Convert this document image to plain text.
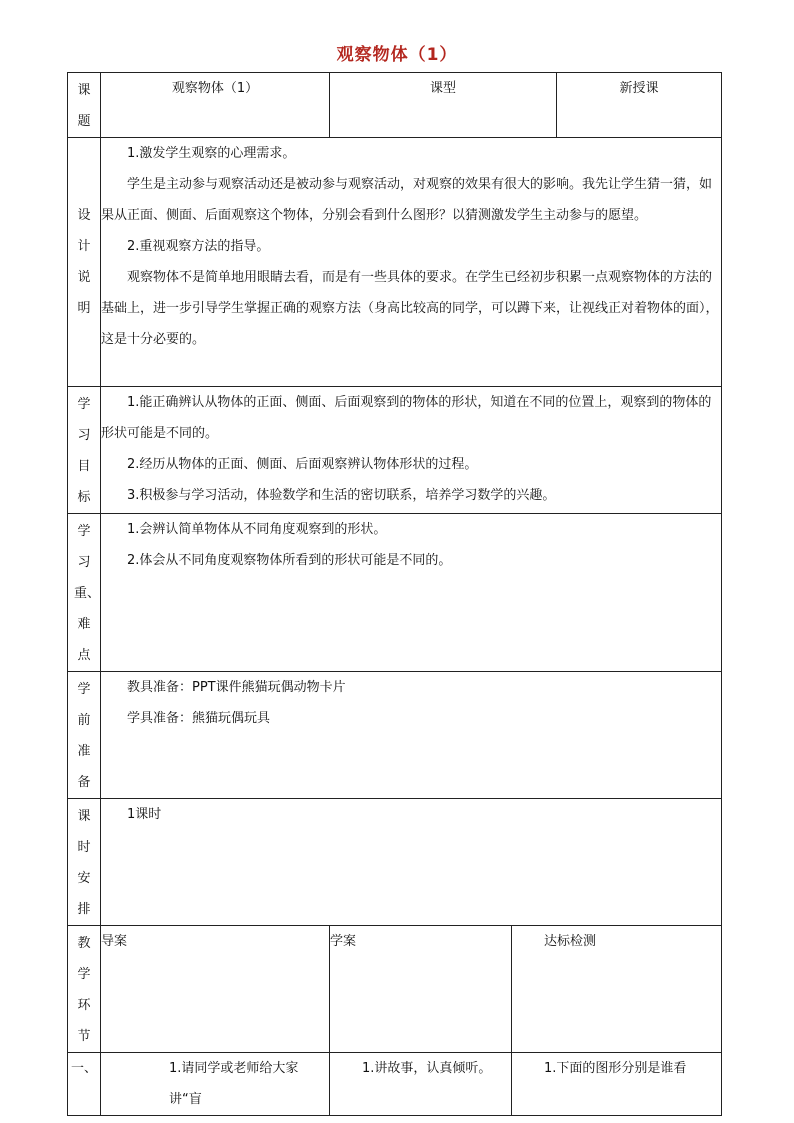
观察物体（1）
课题	观察物体（1）	课型		新授课

设计说明	1.激发学生观察的心理需求。

学生是主动参与观察活动还是被动参与观察活动，对观察的效果有很大的影响。我先让学生猜一猜，如果从正面、侧面、后面观察这个物体，分别会看到什么图形？以猜测激发学生主动参与的愿望。

2.重视观察方法的指导。

观察物体不是简单地用眼睛去看，而是有一些具体的要求。在学生已经初步积累一点观察物体的方法的基础上，进一步引导学生掌握正确的观察方法（身高比较高的同学，可以蹲下来，让视线正对着物体的面），这是十分必要的。			

学习目标	1.能正确辨认从物体的正面、侧面、后面观察到的物体的形状，知道在不同的位置上，观察到的物体的形状可能是不同的。

2.经历从物体的正面、侧面、后面观察辨认物体形状的过程。

3.积极参与学习活动，体验数学和生活的密切联系，培养学习数学的兴趣。			

学习重、难点	1.会辨认简单物体从不同角度观察到的形状。

2.体会从不同角度观察物体所看到的形状可能是不同的。			

学前准备	教具准备：PPT课件熊猫玩偶动物卡片

学具准备：熊猫玩偶玩具			

课时安排	1课时			

教学环节	导案	学案	达标检测	

一、	1.请同学或老师给大家讲“盲	1.讲故事，认真倾听。	1.下面的图形分别是谁看	
